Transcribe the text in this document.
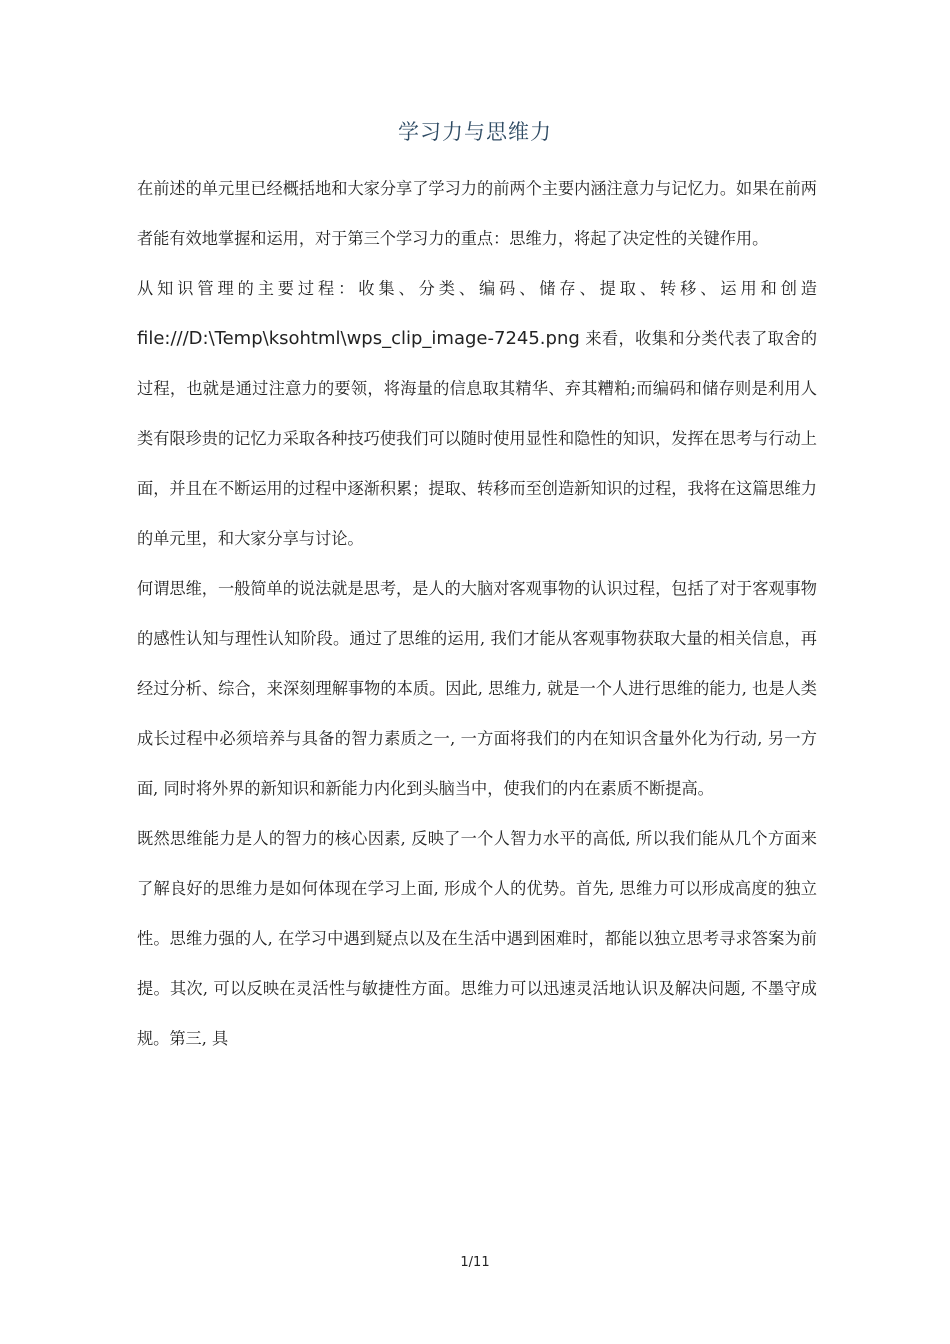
学习力与思维力

在前述的单元里已经概括地和大家分享了学习力的前两个主要内涵注意力与记忆力。如果在前两者能有效地掌握和运用，对于第三个学习力的重点：思维力，将起了决定性的关键作用。

从知识管理的主要过程：收集、分类、编码、储存、提取、转移、运用和创造file:///D:\Temp\ksohtml\wps_clip_image-7245.png 来看，收集和分类代表了取舍的过程，也就是通过注意力的要领，将海量的信息取其精华、弃其糟粕;而编码和储存则是利用人类有限珍贵的记忆力采取各种技巧使我们可以随时使用显性和隐性的知识，发挥在思考与行动上面，并且在不断运用的过程中逐渐积累；提取、转移而至创造新知识的过程，我将在这篇思维力的单元里，和大家分享与讨论。

何谓思维，一般简单的说法就是思考，是人的大脑对客观事物的认识过程，包括了对于客观事物的感性认知与理性认知阶段。通过了思维的运用, 我们才能从客观事物获取大量的相关信息，再经过分析、综合，来深刻理解事物的本质。因此, 思维力, 就是一个人进行思维的能力, 也是人类成长过程中必须培养与具备的智力素质之一, 一方面将我们的内在知识含量外化为行动, 另一方面, 同时将外界的新知识和新能力内化到头脑当中，使我们的内在素质不断提高。

既然思维能力是人的智力的核心因素, 反映了一个人智力水平的高低, 所以我们能从几个方面来了解良好的思维力是如何体现在学习上面, 形成个人的优势。首先, 思维力可以形成高度的独立性。思维力强的人, 在学习中遇到疑点以及在生活中遇到困难时，都能以独立思考寻求答案为前提。其次, 可以反映在灵活性与敏捷性方面。思维力可以迅速灵活地认识及解决问题, 不墨守成规。第三, 具

1/11
